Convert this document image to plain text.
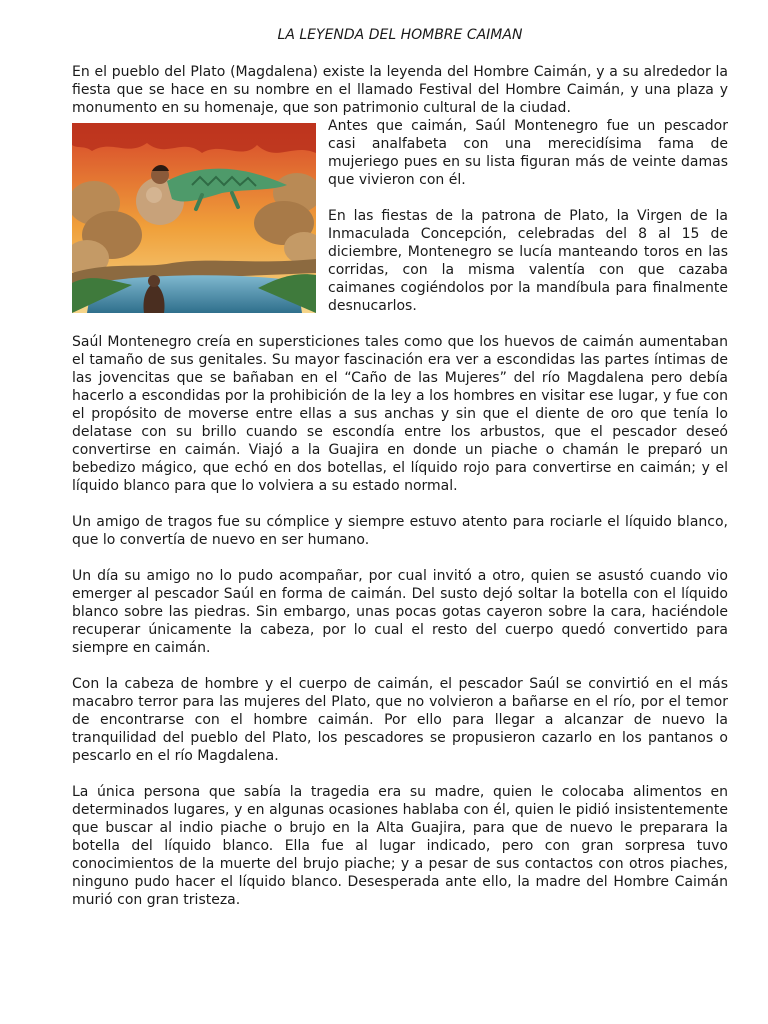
LA LEYENDA DEL HOMBRE CAIMAN

En el pueblo del Plato (Magdalena) existe la leyenda del Hombre Caimán, y a su alrededor la fiesta que se hace en su nombre en el llamado Festival del Hombre Caimán, y una plaza y monumento en su homenaje, que son patrimonio cultural de la ciudad.

Antes que caimán, Saúl Montenegro fue un pescador casi analfabeta con una merecidísima fama de mujeriego pues en su lista figuran más de veinte damas que vivieron con él.

En las fiestas de la patrona de Plato, la Virgen de la Inmaculada Concepción, celebradas del 8 al 15 de diciembre, Montenegro se lucía manteando toros en las corridas, con la misma valentía con que cazaba caimanes cogiéndolos por la mandíbula para finalmente desnucarlos.

Saúl Montenegro creía en supersticiones tales como que los huevos de caimán aumentaban el tamaño de sus genitales. Su mayor fascinación era ver a escondidas las partes íntimas de las jovencitas que se bañaban en el “Caño de las Mujeres” del río Magdalena pero debía hacerlo a escondidas por la prohibición de la ley a los hombres en visitar ese lugar, y fue con el propósito de moverse entre ellas a sus anchas y sin que el diente de oro que tenía lo delatase con su brillo cuando se escondía entre los arbustos, que el pescador deseó convertirse en caimán. Viajó a la Guajira en donde un piache o chamán le preparó un bebedizo mágico, que echó en dos botellas, el líquido rojo para convertirse en caimán; y el líquido blanco para que lo volviera a su estado normal.

Un amigo de tragos fue su cómplice y siempre estuvo atento para rociarle el líquido blanco, que lo convertía de nuevo en ser humano.

Un día su amigo no lo pudo acompañar, por cual invitó a otro, quien se asustó cuando vio emerger al pescador Saúl en forma de caimán. Del susto dejó soltar la botella con el líquido blanco sobre las piedras. Sin embargo, unas pocas gotas cayeron sobre la cara, haciéndole recuperar únicamente la cabeza, por lo cual el resto del cuerpo quedó convertido para siempre en caimán.

Con la cabeza de hombre y el cuerpo de caimán, el pescador Saúl se convirtió en el más macabro terror para las mujeres del Plato, que no volvieron a bañarse en el río, por el temor de encontrarse con el hombre caimán. Por ello para llegar a alcanzar de nuevo la tranquilidad del pueblo del Plato, los pescadores se propusieron cazarlo en los pantanos o pescarlo en el río Magdalena.

La única persona que sabía la tragedia era su madre, quien le colocaba alimentos en determinados lugares, y en algunas ocasiones hablaba con él, quien le pidió insistentemente que buscar al indio piache o brujo en la Alta Guajira, para que de nuevo le preparara la botella del líquido blanco. Ella fue al lugar indicado, pero con gran sorpresa tuvo conocimientos de la muerte del brujo piache; y a pesar de sus contactos con otros piaches, ninguno pudo hacer el líquido blanco. Desesperada ante ello, la madre del Hombre Caimán murió con gran tristeza.
